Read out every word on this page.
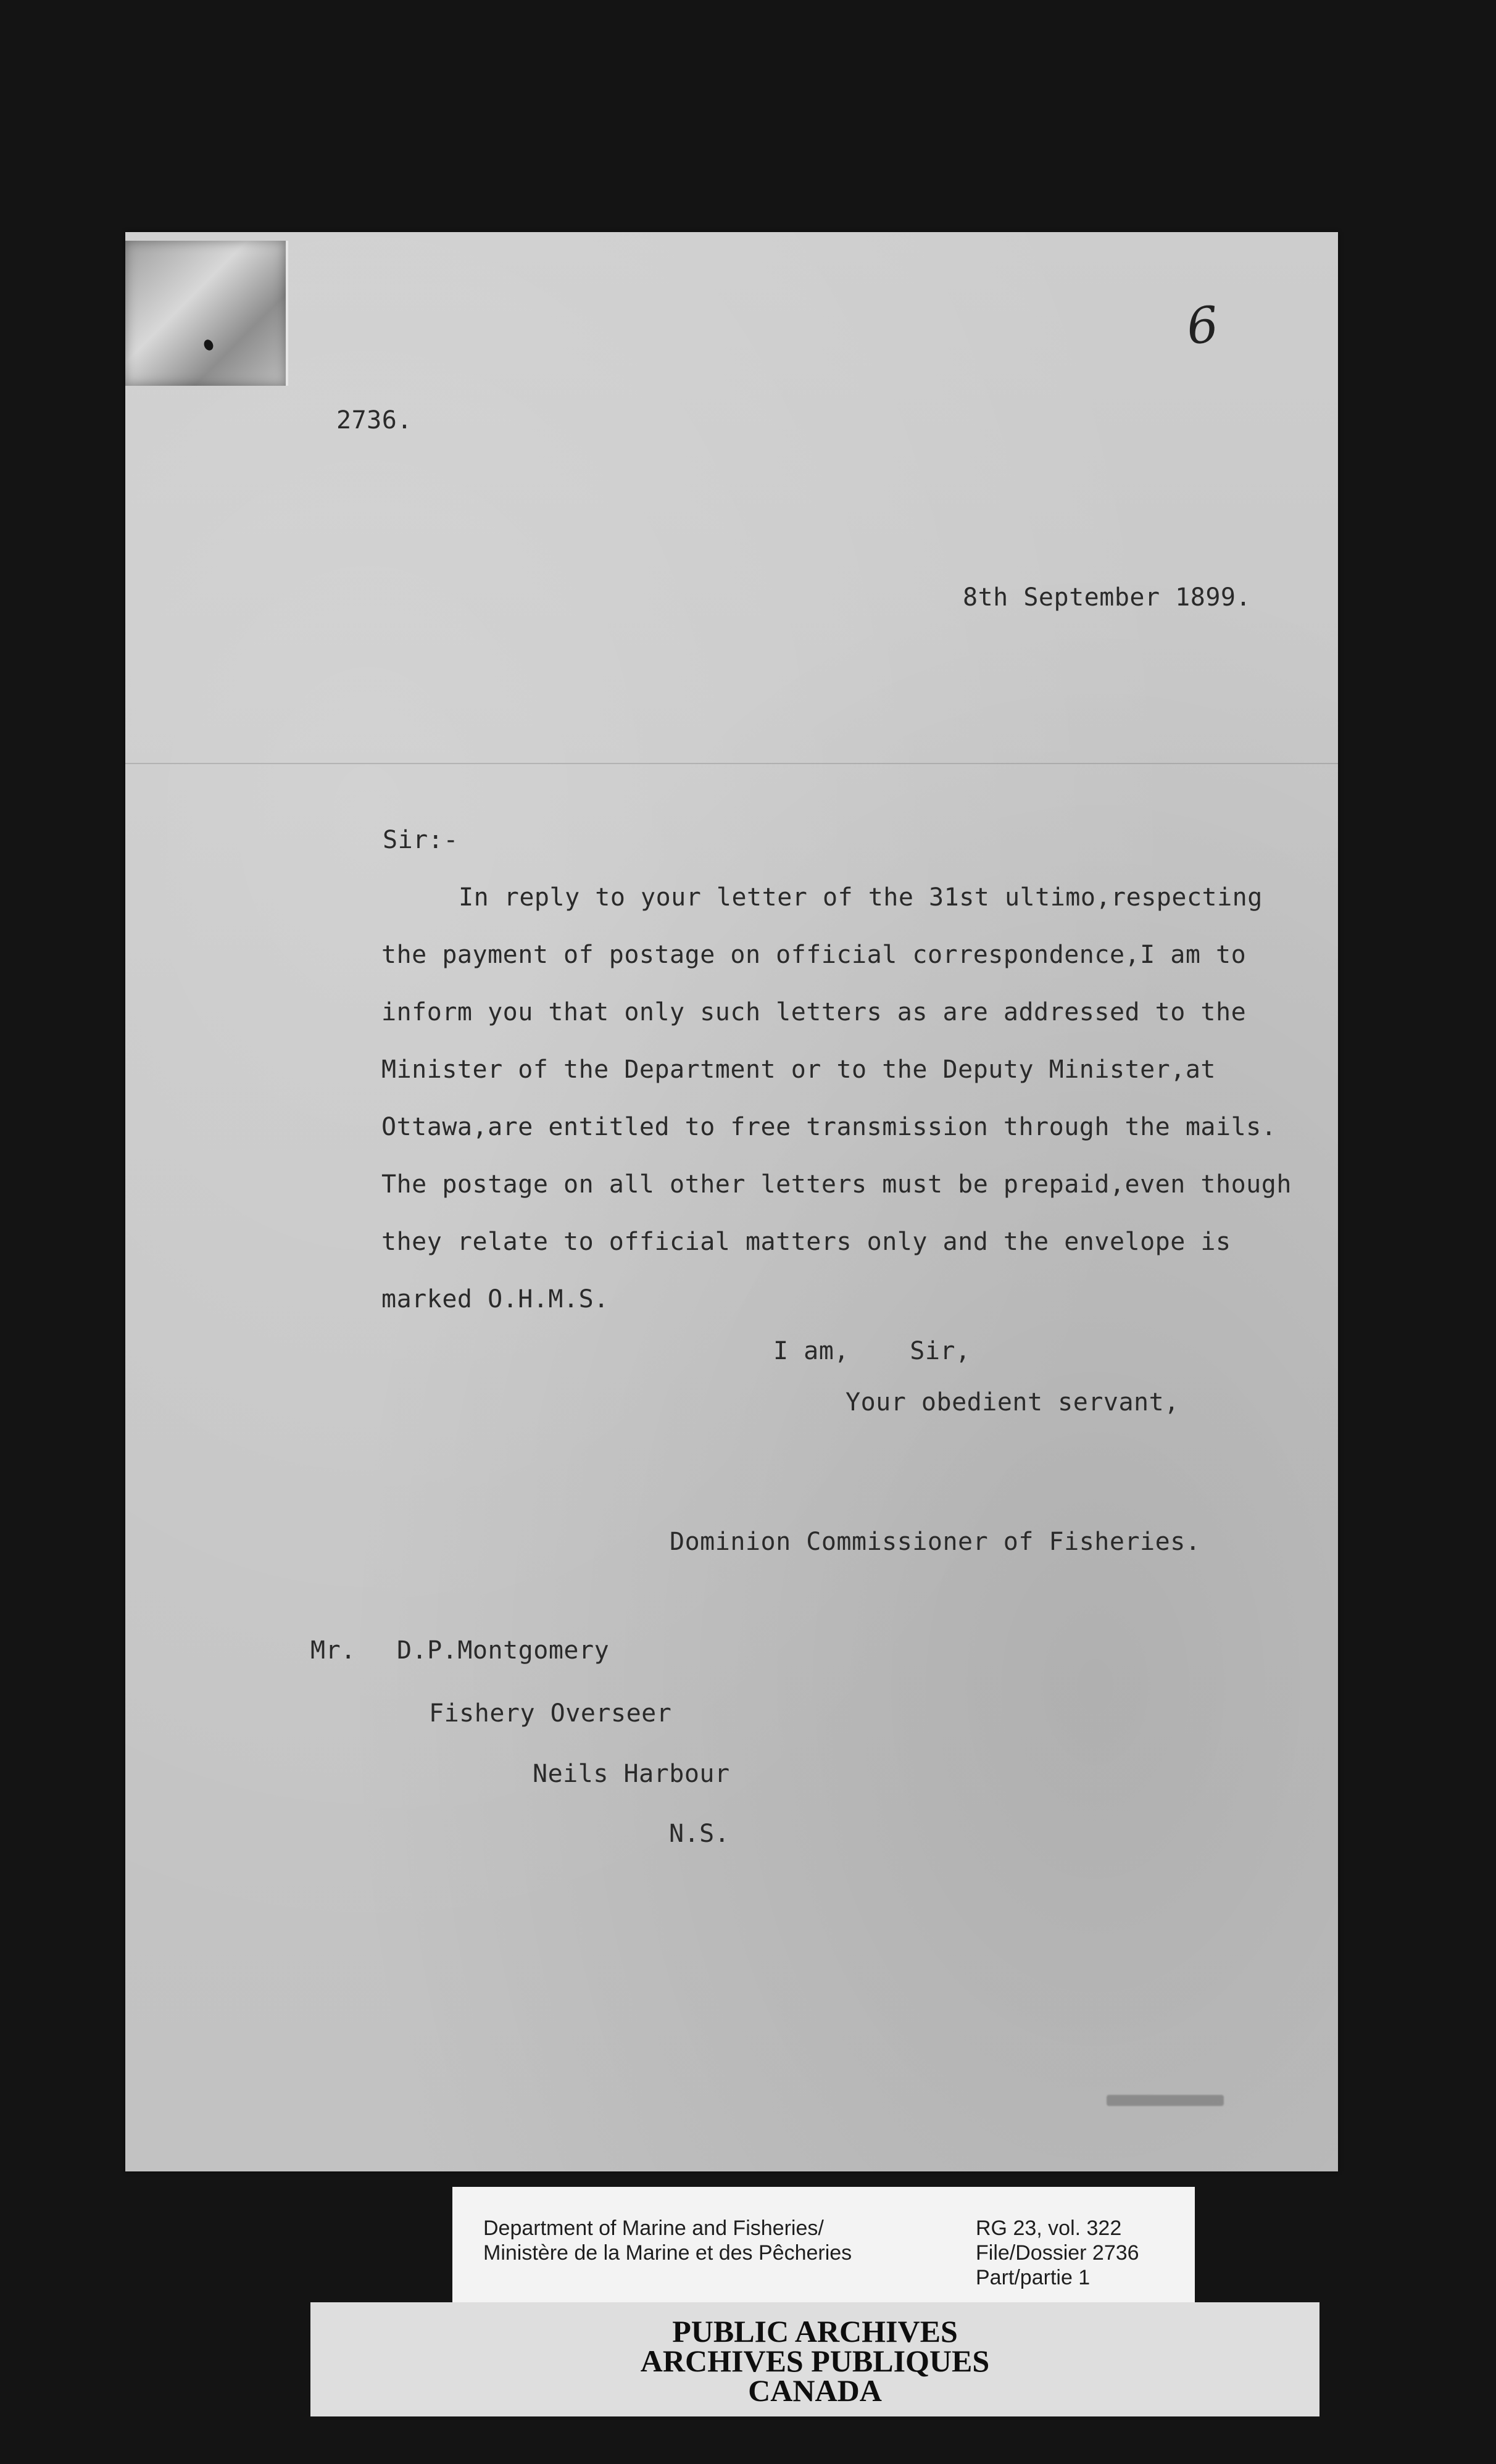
6

2736.

8th September 1899.

Sir:-

In reply to your letter of the 31st ultimo,respecting

the payment of postage on official correspondence,I am to

inform you that only such letters as are addressed to the

Minister of the Department or to the Deputy Minister,at

Ottawa,are entitled to free transmission through the mails.

The postage on all other letters must be prepaid,even though

they relate to official matters only and the envelope is

marked O.H.M.S.

I am,    Sir,

Your obedient servant,

Dominion Commissioner of Fisheries.

Mr. D.P.Montgomery

Fishery Overseer

Neils Harbour

N.S.

Department of Marine and Fisheries/

Ministère de la Marine et des Pêcheries

RG 23, vol. 322

File/Dossier 2736

Part/partie 1

PUBLIC ARCHIVES

ARCHIVES PUBLIQUES

CANADA
